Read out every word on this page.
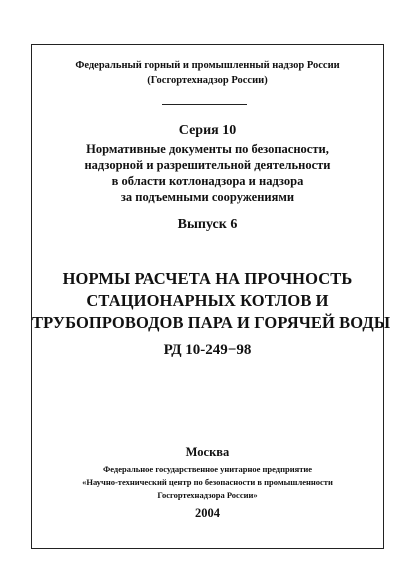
Федеральный горный и промышленный надзор России
(Госгортехнадзор России)
Серия 10
Нормативные документы по безопасности,
надзорной и разрешительной деятельности
в области котлонадзора и надзора
за подъемными сооружениями
Выпуск 6
НОРМЫ РАСЧЕТА НА ПРОЧНОСТЬ
СТАЦИОНАРНЫХ КОТЛОВ И
ТРУБОПРОВОДОВ ПАРА И ГОРЯЧЕЙ ВОДЫ
РД 10-249−98
Москва
Федеральное государственное унитарное предприятие
«Научно-технический центр по безопасности в промышленности
Госгортехнадзора России»
2004
